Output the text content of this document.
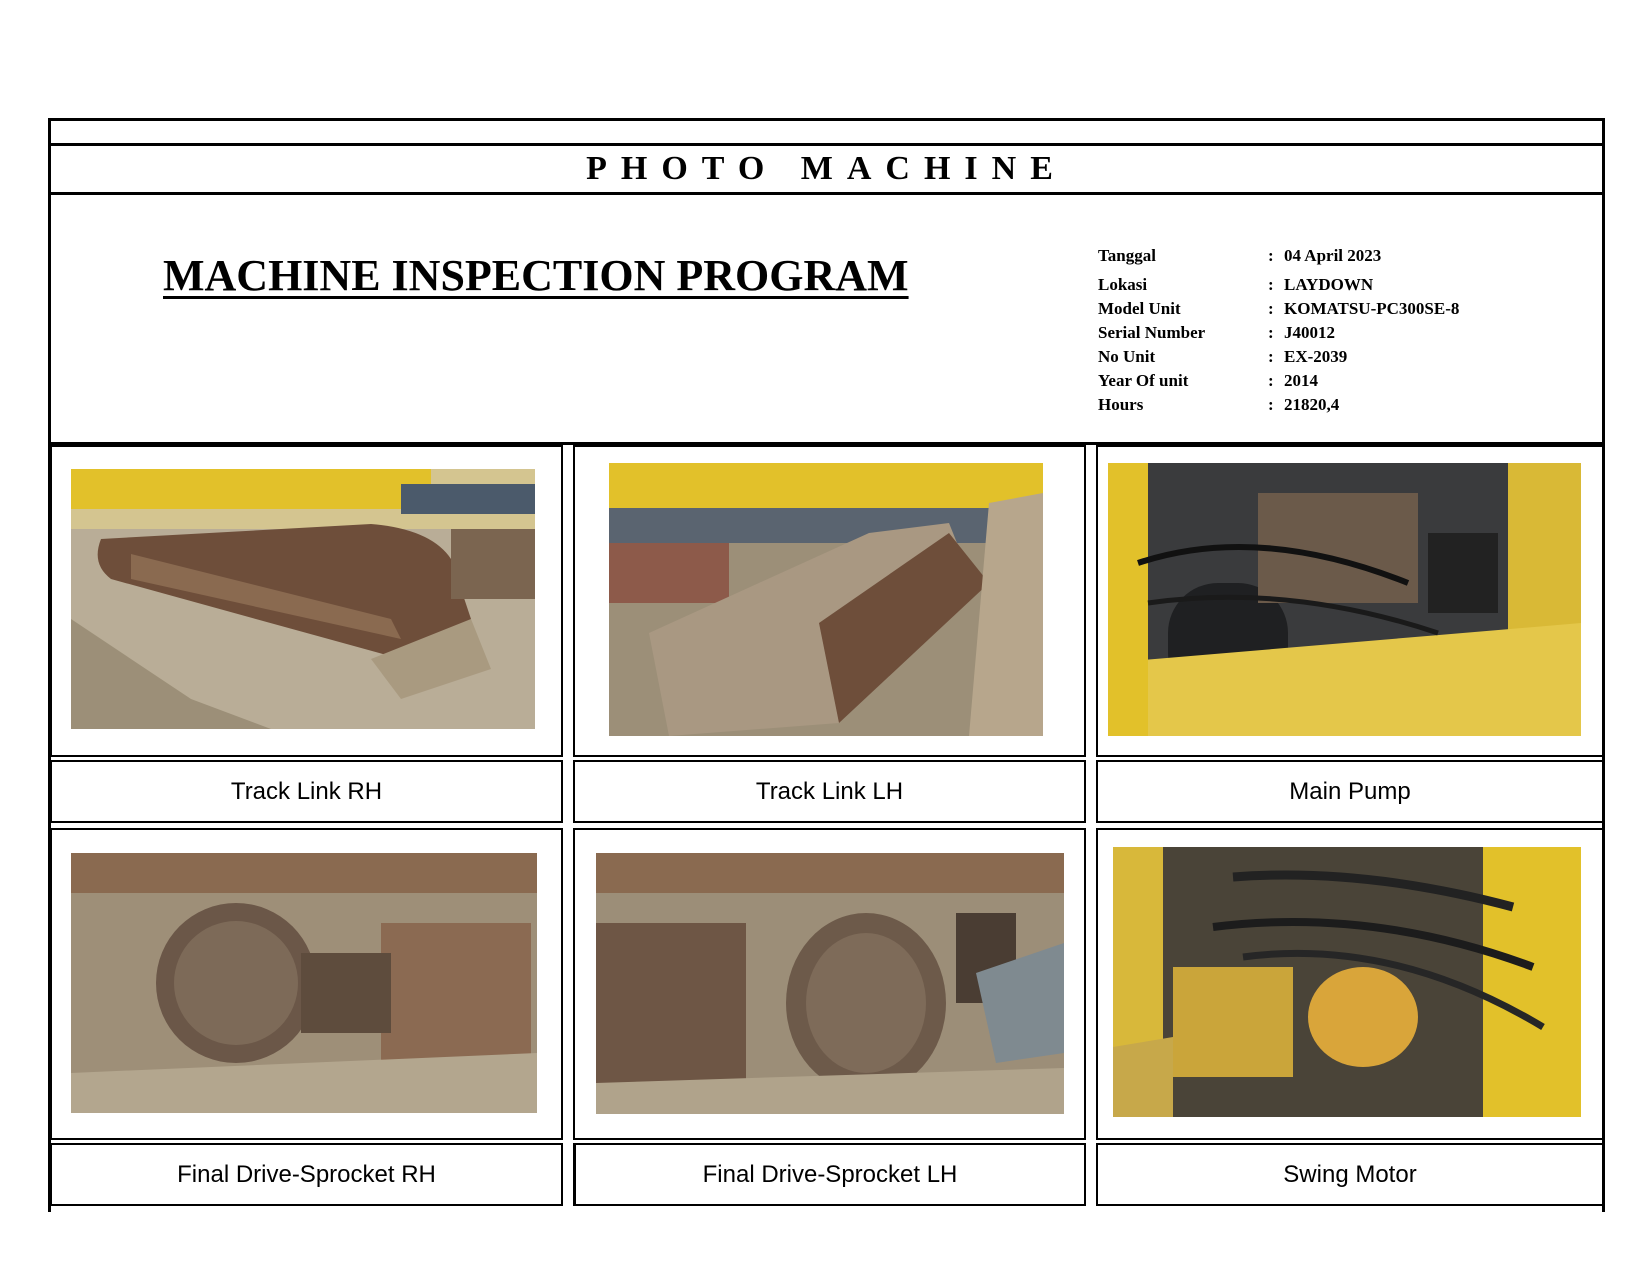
PHOTO MACHINE
MACHINE INSPECTION PROGRAM	Tanggal	: 04 April 2023
Lokasi	: LAYDOWN
Model Unit	: KOMATSU-PC300SE-8
Serial Number	: J40012
No Unit	: EX-2039
Year Of unit	: 2014
Hours	: 21820,4
Track Link RH	Track Link LH	Main Pump
Final Drive-Sprocket RH	Final Drive-Sprocket LH	Swing Motor
